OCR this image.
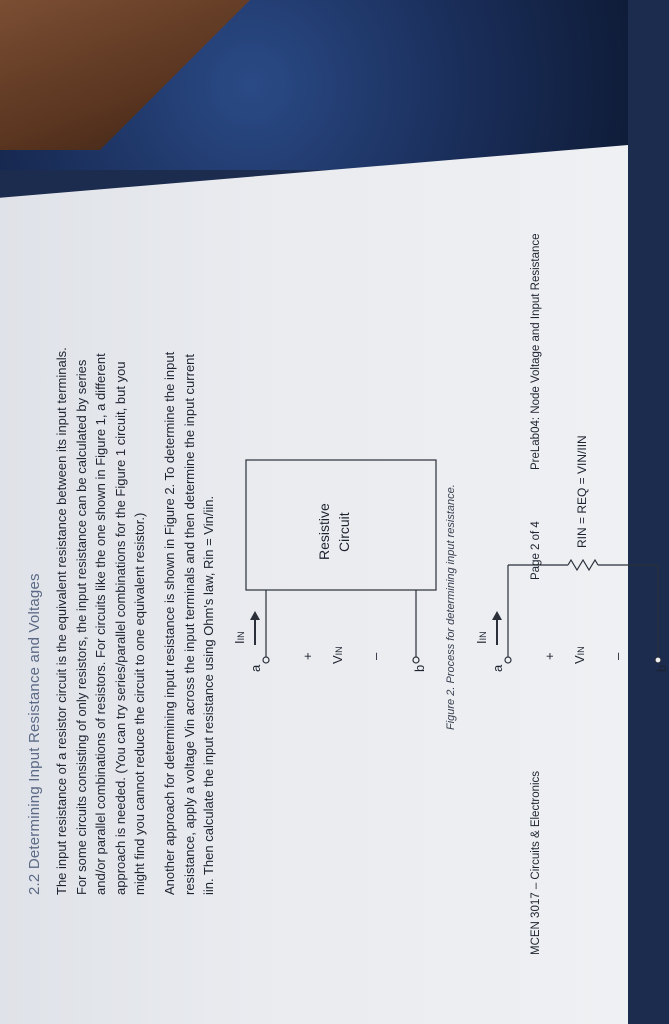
2.2 Determining Input Resistance and Voltages The input resistance of a resistor circuit is the equivalent resistance between its input terminals. For some circuits consisting of only resistors, the input resistance can be calculated by series and/or parallel combinations of resistors. For circuits like the one shown in Figure 1, a different approach is needed. (You can try series/parallel combinations for the Figure 1 circuit, but you might find you cannot reduce the circuit to one equivalent resistor.) Another approach for determining input resistance is shown in Figure 2. To determine the input resistance, apply a voltage Vin across the input terminals and then determine the input current iin. Then calculate the input resistance using Ohm's law, Rin = Vin/iin. IIN
a	b
+	–
VIN
Resistive Circuit
IIN
a	b
+	–
VIN
RIN = REQ = VIN/IIN
Figure 2. Process for determining input resistance.
MCEN 3017 – Circuits & Electronics
Page 2 of 4
PreLab04: Node Voltage and Input Resistance
